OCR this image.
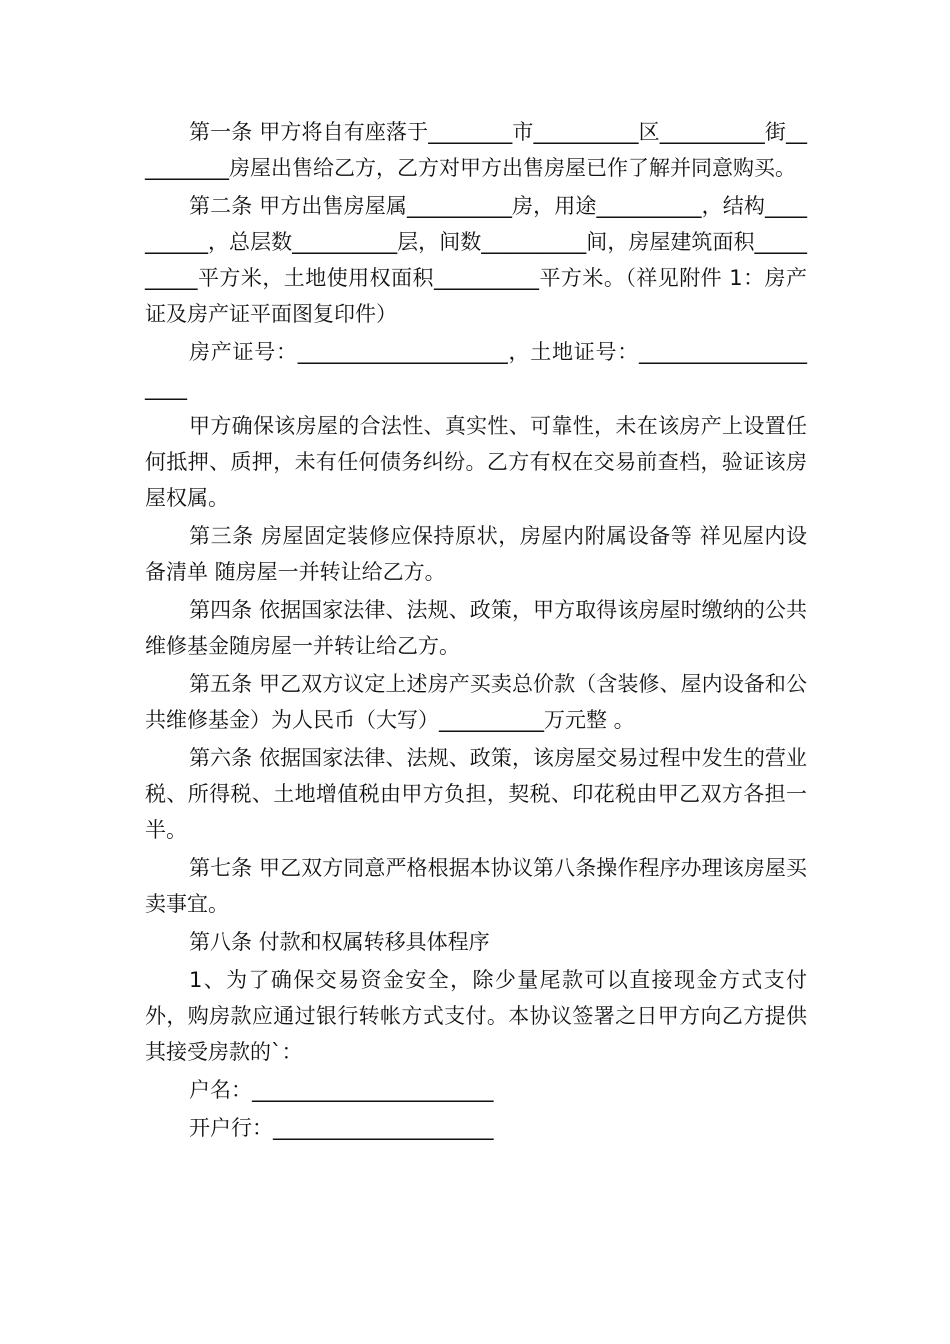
第一条 甲方将自有座落于________市__________区__________街__________房屋出售给乙方，乙方对甲方出售房屋已作了解并同意购买。

第二条 甲方出售房屋属__________房，用途__________，结构__________，总层数__________层，间数__________间，房屋建筑面积__________平方米，土地使用权面积__________平方米。（祥见附件 1：房产证及房产证平面图复印件）

房产证号：____________________，土地证号：____________________

甲方确保该房屋的合法性、真实性、可靠性，未在该房产上设置任何抵押、质押，未有任何债务纠纷。乙方有权在交易前查档，验证该房屋权属。

第三条 房屋固定装修应保持原状，房屋内附属设备等 祥见屋内设备清单 随房屋一并转让给乙方。

第四条 依据国家法律、法规、政策，甲方取得该房屋时缴纳的公共维修基金随房屋一并转让给乙方。

第五条 甲乙双方议定上述房产买卖总价款（含装修、屋内设备和公共维修基金）为人民币（大写）__________万元整 。

第六条 依据国家法律、法规、政策，该房屋交易过程中发生的营业税、所得税、土地增值税由甲方负担，契税、印花税由甲乙双方各担一半。

第七条 甲乙双方同意严格根据本协议第八条操作程序办理该房屋买卖事宜。

第八条 付款和权属转移具体程序

1、为了确保交易资金安全，除少量尾款可以直接现金方式支付外，购房款应通过银行转帐方式支付。本协议签署之日甲方向乙方提供其接受房款的`：

户名：_______________________

开户行：_____________________
